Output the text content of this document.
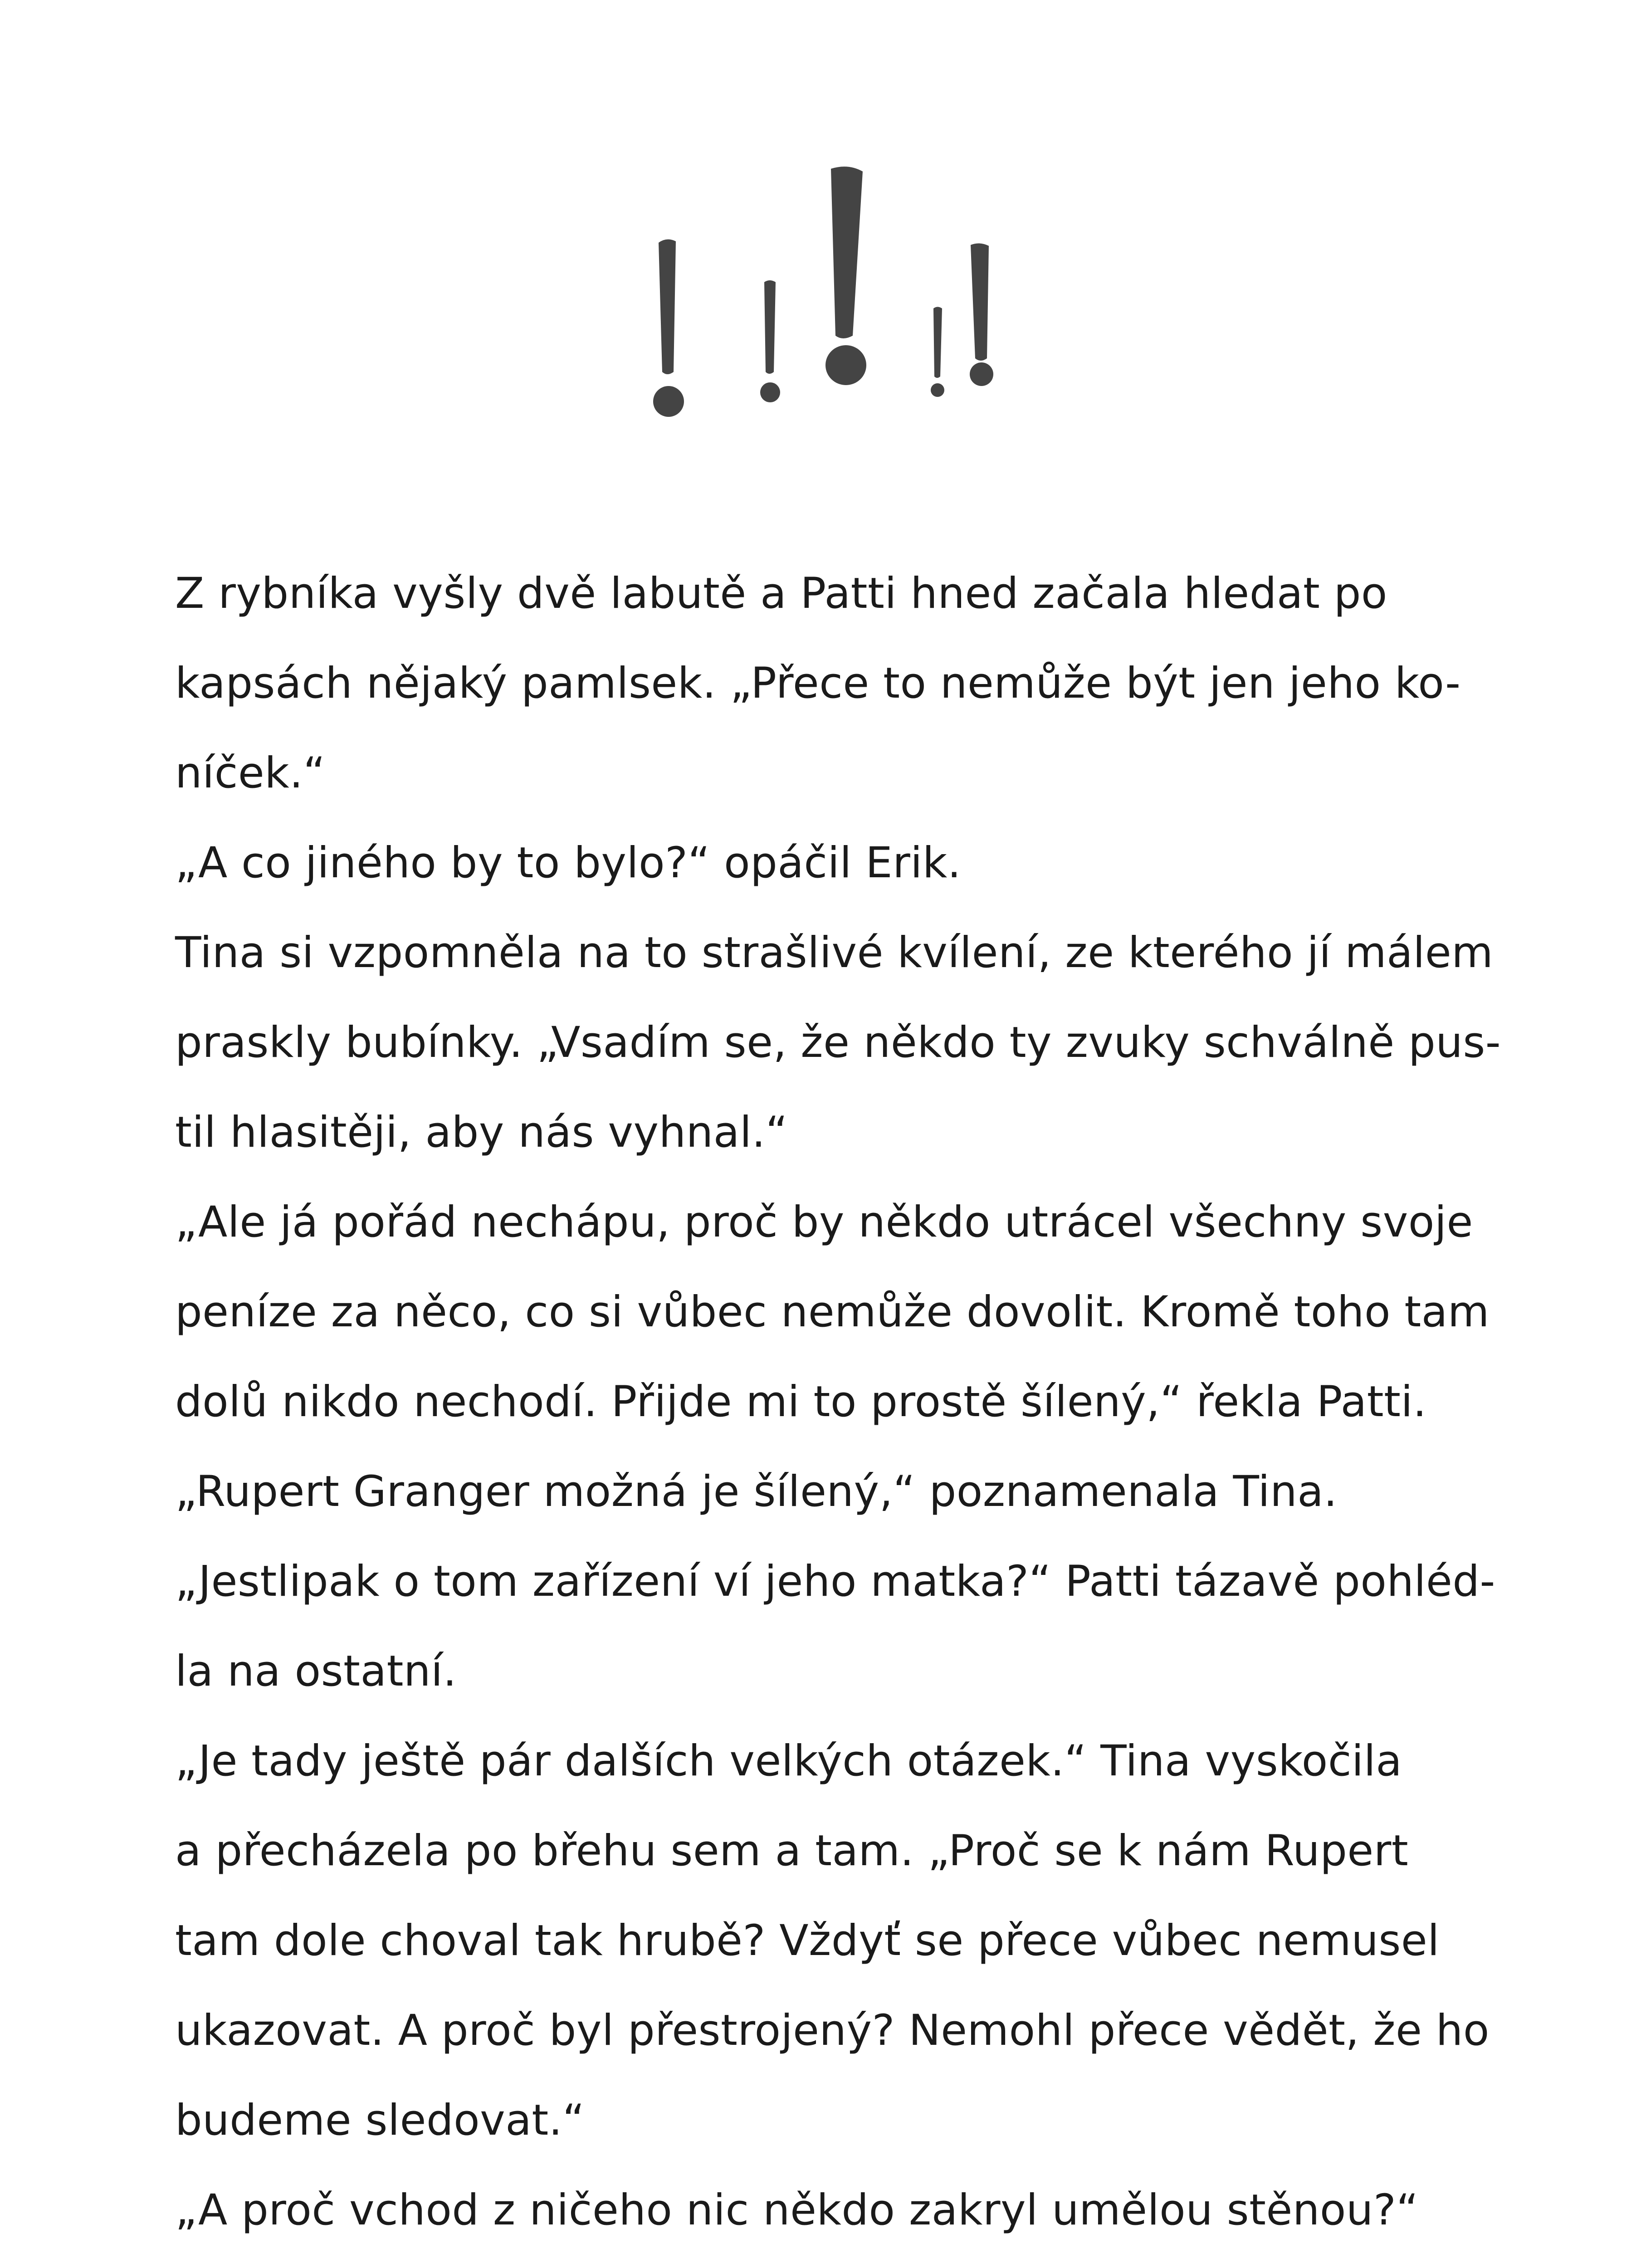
Z rybníka vyšly dvě labutě a Patti hned začala hledat po
kapsách nějaký pamlsek. „Přece to nemůže být jen jeho ko-
níček.“
„A co jiného by to bylo?“ opáčil Erik.
Tina si vzpomněla na to strašlivé kvílení, ze kterého jí málem
praskly bubínky. „Vsadím se, že někdo ty zvuky schválně pus-
til hlasitěji, aby nás vyhnal.“
„Ale já pořád nechápu, proč by někdo utrácel všechny svoje
peníze za něco, co si vůbec nemůže dovolit. Kromě toho tam
dolů nikdo nechodí. Přijde mi to prostě šílený,“ řekla Patti.
„Rupert Granger možná je šílený,“ poznamenala Tina.
„Jestlipak o tom zařízení ví jeho matka?“ Patti tázavě pohléd-
la na ostatní.
„Je tady ještě pár dalších velkých otázek.“ Tina vyskočila
a přecházela po břehu sem a tam. „Proč se k nám Rupert
tam dole choval tak hrubě? Vždyť se přece vůbec nemusel
ukazovat. A proč byl přestrojený? Nemohl přece vědět, že ho
budeme sledovat.“
„A proč vchod z ničeho nic někdo zakryl umělou stěnou?“
